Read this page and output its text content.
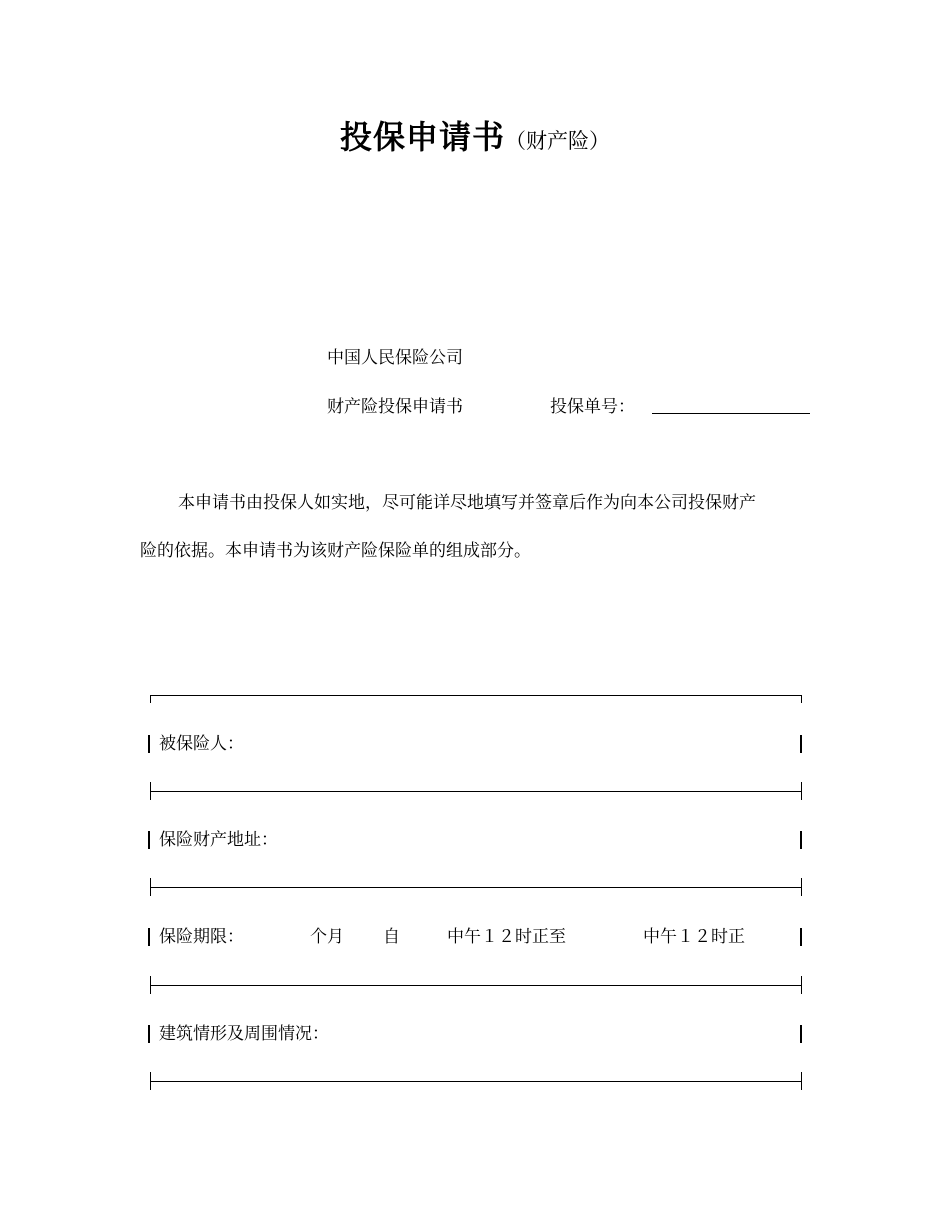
投保申请书（财产险）
中国人民保险公司
财产险投保申请书	投保单号：
本申请书由投保人如实地，尽可能详尽地填写并签章后作为向本公司投保财产
险的依据。本申请书为该财产险保险单的组成部分。
被保险人：
保险财产地址：
保险期限：	个月 自	中午１２时正至	中午１２时正
建筑情形及周围情况：
